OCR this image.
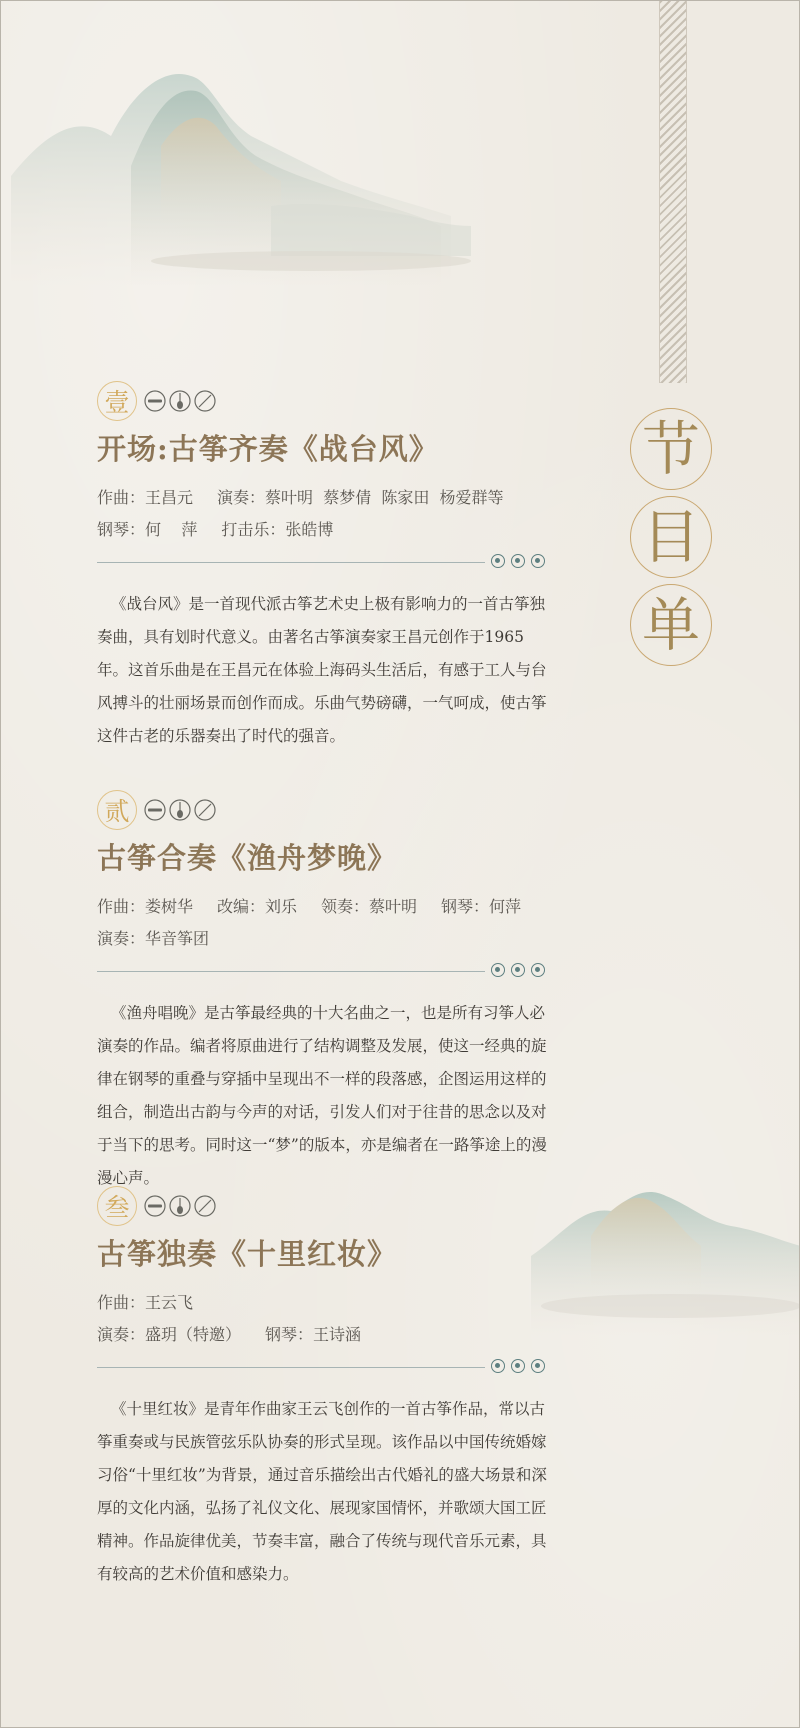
节
目
单
壹
开场:古筝齐奏《战台风》
作曲：王昌元 演奏：蔡叶明  蔡梦倩  陈家田  杨爱群等
钢琴：何    萍 打击乐：张皓博
《战台风》是一首现代派古筝艺术史上极有影响力的一首古筝独奏曲，具有划时代意义。由著名古筝演奏家王昌元创作于1965年。这首乐曲是在王昌元在体验上海码头生活后，有感于工人与台风搏斗的壮丽场景而创作而成。乐曲气势磅礴，一气呵成，使古筝这件古老的乐器奏出了时代的强音。
贰
古筝合奏《渔舟梦晚》
作曲：娄树华 改编：刘乐 领奏：蔡叶明 钢琴：何萍
演奏：华音筝团
《渔舟唱晚》是古筝最经典的十大名曲之一，也是所有习筝人必演奏的作品。编者将原曲进行了结构调整及发展，使这一经典的旋律在钢琴的重叠与穿插中呈现出不一样的段落感，企图运用这样的组合，制造出古韵与今声的对话，引发人们对于往昔的思念以及对于当下的思考。同时这一“梦”的版本，亦是编者在一路筝途上的漫漫心声。
叁
古筝独奏《十里红妆》
作曲：王云飞
演奏：盛玥（特邀） 钢琴：王诗涵
《十里红妆》是青年作曲家王云飞创作的一首古筝作品，常以古筝重奏或与民族管弦乐队协奏的形式呈现。该作品以中国传统婚嫁习俗“十里红妆”为背景，通过音乐描绘出古代婚礼的盛大场景和深厚的文化内涵，弘扬了礼仪文化、展现家国情怀，并歌颂大国工匠精神。作品旋律优美，节奏丰富，融合了传统与现代音乐元素，具有较高的艺术价值和感染力。
